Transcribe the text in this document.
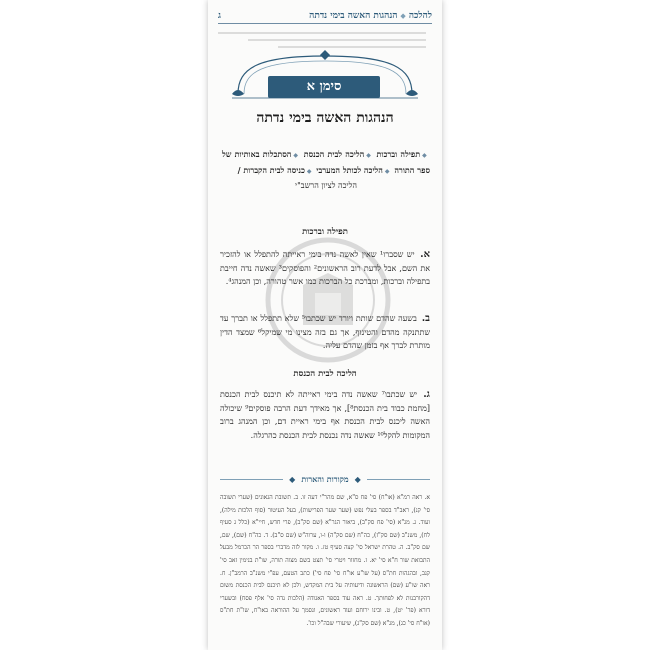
להלכה
◆
הנהגות האשה בימי נדתה
ג
סימן א
הנהגות האשה בימי נדתה
◆תפילה וברכות ◆הליכה לבית הכנסת ◆הסתכלות באותיות של ספר התורה ◆הליכה לכותל המערבי ◆כניסה לבית הקברות /
הליכה לציון הרשב"י
תפילה וברכות
א. יש שסברו¹ שאין לאשה נדה בימי ראייתה להתפלל או להזכיר את השם, אבל לדעת רוב הראשונים² והפוסקים³ שאשה נדה חייבת בתפילה וברכות, ומברכת כל הברכות כמו אשר טהורה, וכן המנהג⁴.
ב. בשעה שהדם שותת ויורד יש שכתבו⁵ שלא תתפלל או תברך עד שתתנקה מהדם והטינוף, אך גם בזה מצינו מי שמיקל⁶ שמצד הדין מותרת לברך אף בזמן שהדם עליה.
הליכה לבית הכנסת
ג. יש שכתבו⁷ שאשה נדה בימי ראייתה לא תיכנס לבית הכנסת [מחמת כבוד בית הכנסת⁸], אך מאידך דעת הרבה פוסקים⁹ שיכולה האשה ליכנס לבית הכנסת אף בימי ראיית דם, וכן המנהג ברוב המקומות להקל¹⁰ שאשה נדה נכנסת לבית הכנסת כהרגלה.
◆
מקורות והארות
◆
א. ראה רמ"א (או"ח) סי' פח ס"א, שם מהר"י דעה זו. ב. תשובת הגאונים (שערי תשובה סי' קנ), ראב"ד בספר בעלי נפש (שער שער הפרישות), בעל העיטור (סוף הלכות מילה), ועוד. ג. מג"א (סי' פח סק"ב), ביאור הגר"א (שם סק"ב), פרי חדש, חיי"א (כלל ג סעיף לח), משנ"ב (שם סק"ז), כה"ח (שם סק"ה) ו-ו, ערוה"ש (שם ס"ב). ד. כה"ח (שם), שם, שם סק"ב. ה. טהרת ישראל סי' קצה סעיף טז. ו. מקור לזה מדברי בספר הר הכרמל מבעל התבואת שור ח"א סי' יא. ז. מחזור ויטרי סי' תצט בשם מצוה תורה, שו"ת בנימין זאב סי' קנב, ובהגהות חת"ס (על שו"ע או"ח סי' פח סי') כתב הטעם, עפ"י משנ"ב הרמב"ן. ח. ראה שו"ע (שם) הראשונה ודיעותיה על בית המקדש, ולכן לא תיכנס לבית הכנסת משום דהקורבנות לא לפחותך. ט. ראה עוד בספר האגודה (הלכות נדה סי' אלף פסח) ובשערי דורא (פר' יט), ט. ובינו ירוחם ועוד ראשונים, ונסמך על ההוראה באו"ח, שו"ת חת"ס (או"ח סי' כג), מג"א (שם סק"ג), שיעורי שבה"ל וכו'.
